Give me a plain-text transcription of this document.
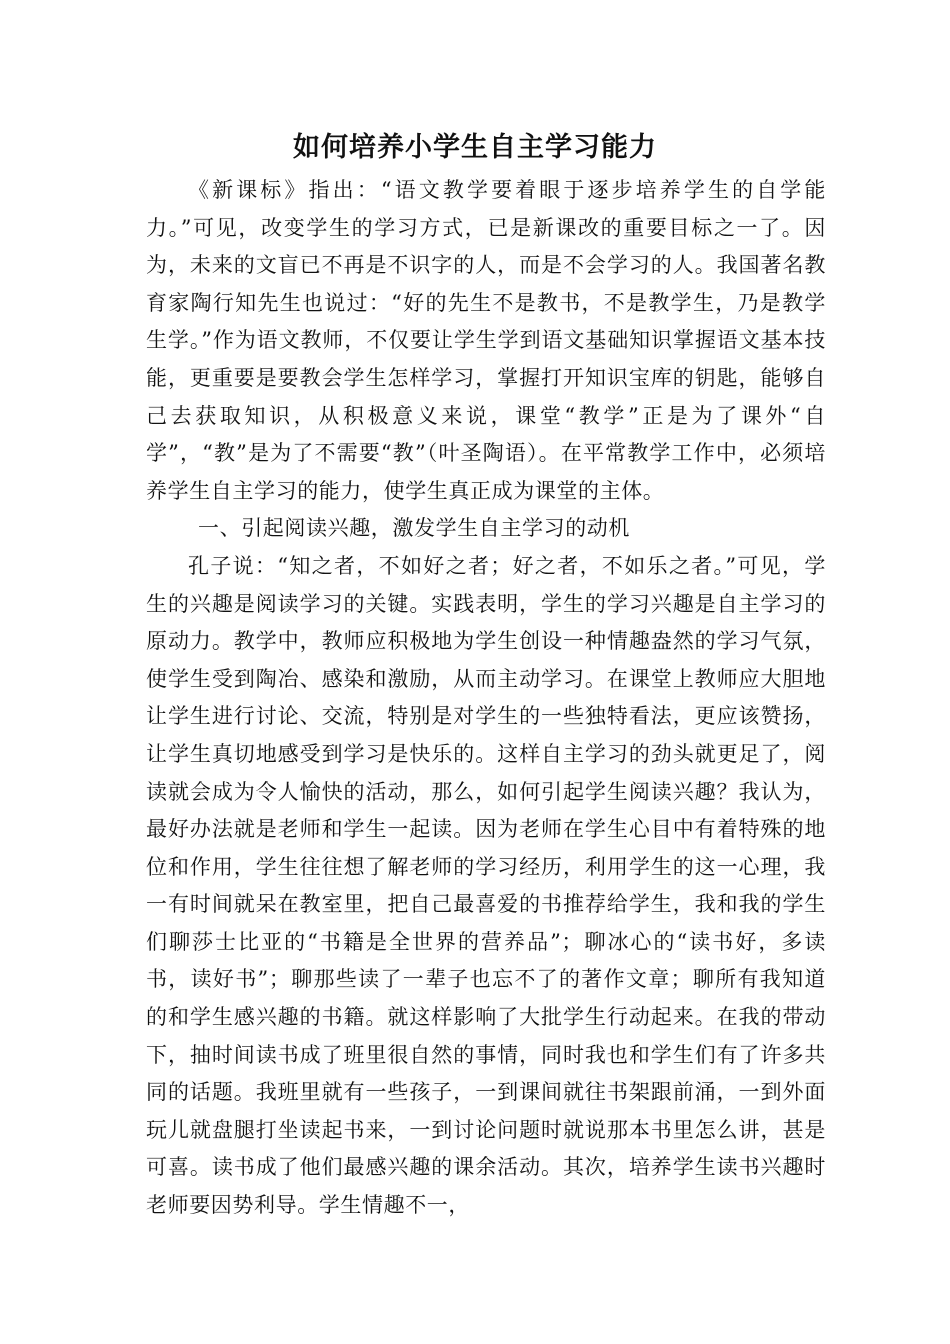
如何培养小学生自主学习能力

《新课标》指出：“语文教学要着眼于逐步培养学生的自学能力。”可见，改变学生的学习方式，已是新课改的重要目标之一了。因为，未来的文盲已不再是不识字的人，而是不会学习的人。我国著名教育家陶行知先生也说过：“好的先生不是教书，不是教学生，乃是教学生学。”作为语文教师，不仅要让学生学到语文基础知识掌握语文基本技能，更重要是要教会学生怎样学习，掌握打开知识宝库的钥匙，能够自己去获取知识，从积极意义来说，课堂“教学”正是为了课外“自学”，“教”是为了不需要“教”（叶圣陶语）。在平常教学工作中，必须培养学生自主学习的能力，使学生真正成为课堂的主体。

一、引起阅读兴趣，激发学生自主学习的动机

孔子说：“知之者，不如好之者；好之者，不如乐之者。”可见，学生的兴趣是阅读学习的关键。实践表明，学生的学习兴趣是自主学习的原动力。教学中，教师应积极地为学生创设一种情趣盎然的学习气氛，使学生受到陶冶、感染和激励，从而主动学习。在课堂上教师应大胆地让学生进行讨论、交流，特别是对学生的一些独特看法，更应该赞扬，让学生真切地感受到学习是快乐的。这样自主学习的劲头就更足了，阅读就会成为令人愉快的活动，那么，如何引起学生阅读兴趣？我认为，最好办法就是老师和学生一起读。因为老师在学生心目中有着特殊的地位和作用，学生往往想了解老师的学习经历，利用学生的这一心理，我一有时间就呆在教室里，把自己最喜爱的书推荐给学生，我和我的学生们聊莎士比亚的“书籍是全世界的营养品”；聊冰心的“读书好，多读书，读好书”；聊那些读了一辈子也忘不了的著作文章；聊所有我知道的和学生感兴趣的书籍。就这样影响了大批学生行动起来。在我的带动下，抽时间读书成了班里很自然的事情，同时我也和学生们有了许多共同的话题。我班里就有一些孩子，一到课间就往书架跟前涌，一到外面玩儿就盘腿打坐读起书来，一到讨论问题时就说那本书里怎么讲，甚是可喜。读书成了他们最感兴趣的课余活动。其次，培养学生读书兴趣时老师要因势利导。学生情趣不一，
